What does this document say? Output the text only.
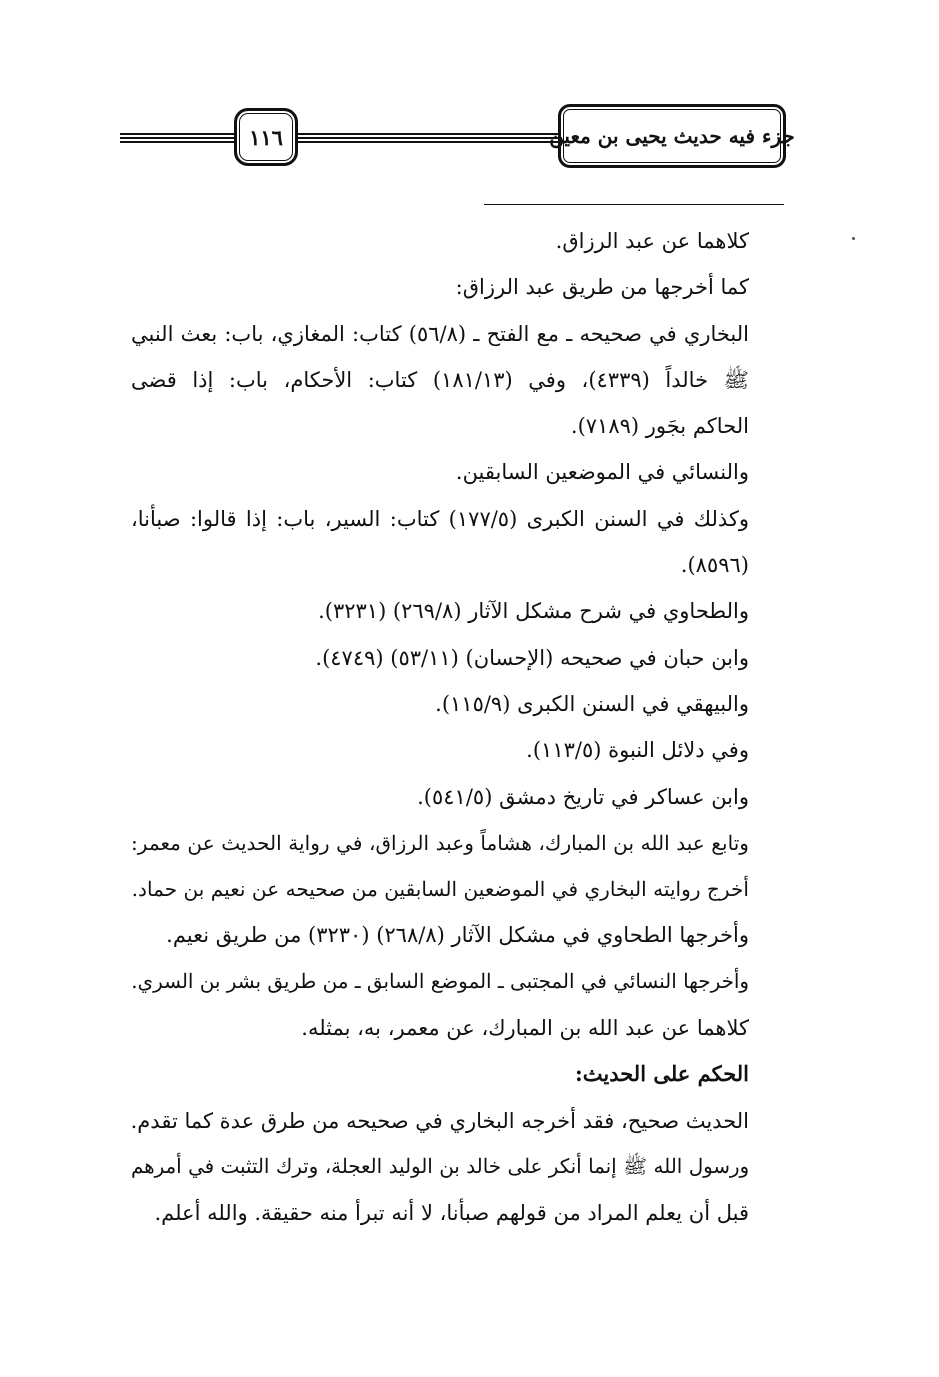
١١٦	جزء فيه حديث يحيى بن معين

كلاهما عن عبد الرزاق.

كما أخرجها من طريق عبد الرزاق:

البخاري في صحيحه ـ مع الفتح ـ (٥٦/٨) كتاب: المغازي، باب: بعث النبي

ﷺ خالداً (٤٣٣٩)، وفي (١٨١/١٣) كتاب: الأحكام، باب: إذا قضى

الحاكم بجَور (٧١٨٩).

والنسائي في الموضعين السابقين.

وكذلك في السنن الكبرى (١٧٧/٥) كتاب: السير، باب: إذا قالوا: صبأنا،

(٨٥٩٦).

والطحاوي في شرح مشكل الآثار (٢٦٩/٨) (٣٢٣١).

وابن حبان في صحيحه (الإحسان) (٥٣/١١) (٤٧٤٩).

والبيهقي في السنن الكبرى (١١٥/٩).

وفي دلائل النبوة (١١٣/٥).

وابن عساكر في تاريخ دمشق (٥٤١/٥).

وتابع عبد الله بن المبارك، هشاماً وعبد الرزاق، في رواية الحديث عن معمر:

أخرج روايته البخاري في الموضعين السابقين من صحيحه عن نعيم بن حماد.

وأخرجها الطحاوي في مشكل الآثار (٢٦٨/٨) (٣٢٣٠) من طريق نعيم.

وأخرجها النسائي في المجتبى ـ الموضع السابق ـ من طريق بشر بن السري.

كلاهما عن عبد الله بن المبارك، عن معمر، به، بمثله.

الحكم على الحديث:

الحديث صحيح، فقد أخرجه البخاري في صحيحه من طرق عدة كما تقدم.

ورسول الله ﷺ إنما أنكر على خالد بن الوليد العجلة، وترك التثبت في أمرهم

قبل أن يعلم المراد من قولهم صبأنا، لا أنه تبرأ منه حقيقة. والله أعلم.
